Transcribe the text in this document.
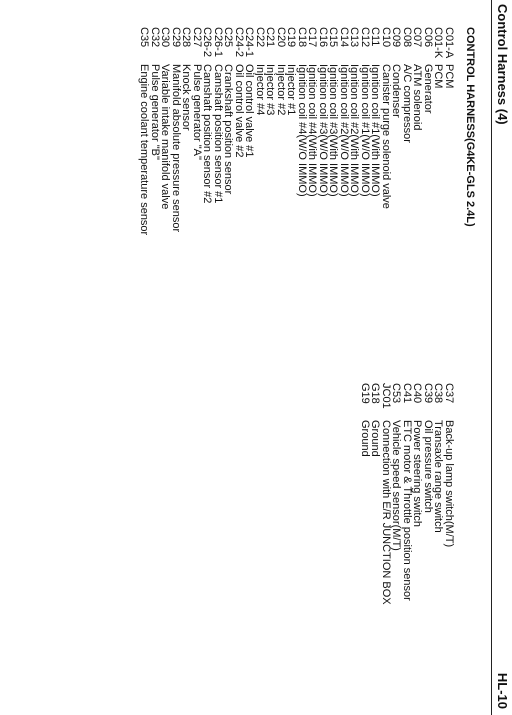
Control Harness (4)
HL-10
CONTROL HARNESS(G4KE-GLS 2.4L)
C01-A
PCM
C01-K
PCM
C06
Generator
C07
ATM solenoid
C08
A/C compressor
C09
Condenser
C10
Canister purge solenoid valve
C11
Ignition coil #1(With IMMO)
C12
Ignition coil #1(W/O IMMO)
C13
Ignition coil #2(With IMMO)
C14
Ignition coil #2(W/O IMMO)
C15
Ignition coil #3(With IMMO)
C16
Ignition coil #3(W/O IMMO)
C17
Ignition coil #4(With IMMO)
C18
Ignition coil #4(W/O IMMO)
C19
Injector #1
C20
Injector #2
C21
Injector #3
C22
Injector #4
C24-1
Oil control valve #1
C24-2
Oil control valve #2
C25
Crankshaft position sensor
C26-1
Camshaft position sensor #1
C26-2
Camshaft position sensor #2
C27
Pulse generator "A"
C28
Knock sensor
C29
Manifold absolute pressure sensor
C30
Variable intake manifold valve
C32
Pulse generator "B"
C35
Engine coolant temperature sensor
C37
Back-up lamp switch(M/T)
C38
Transaxle range switch
C39
Oil pressure switch
C40
Power steering switch
C41
ETC motor & Throttle position sensor
C53
Vehicle speed sensor(M/T)
JC01
Connection with E/R JUNCTION BOX
G18
Ground
G19
Ground
